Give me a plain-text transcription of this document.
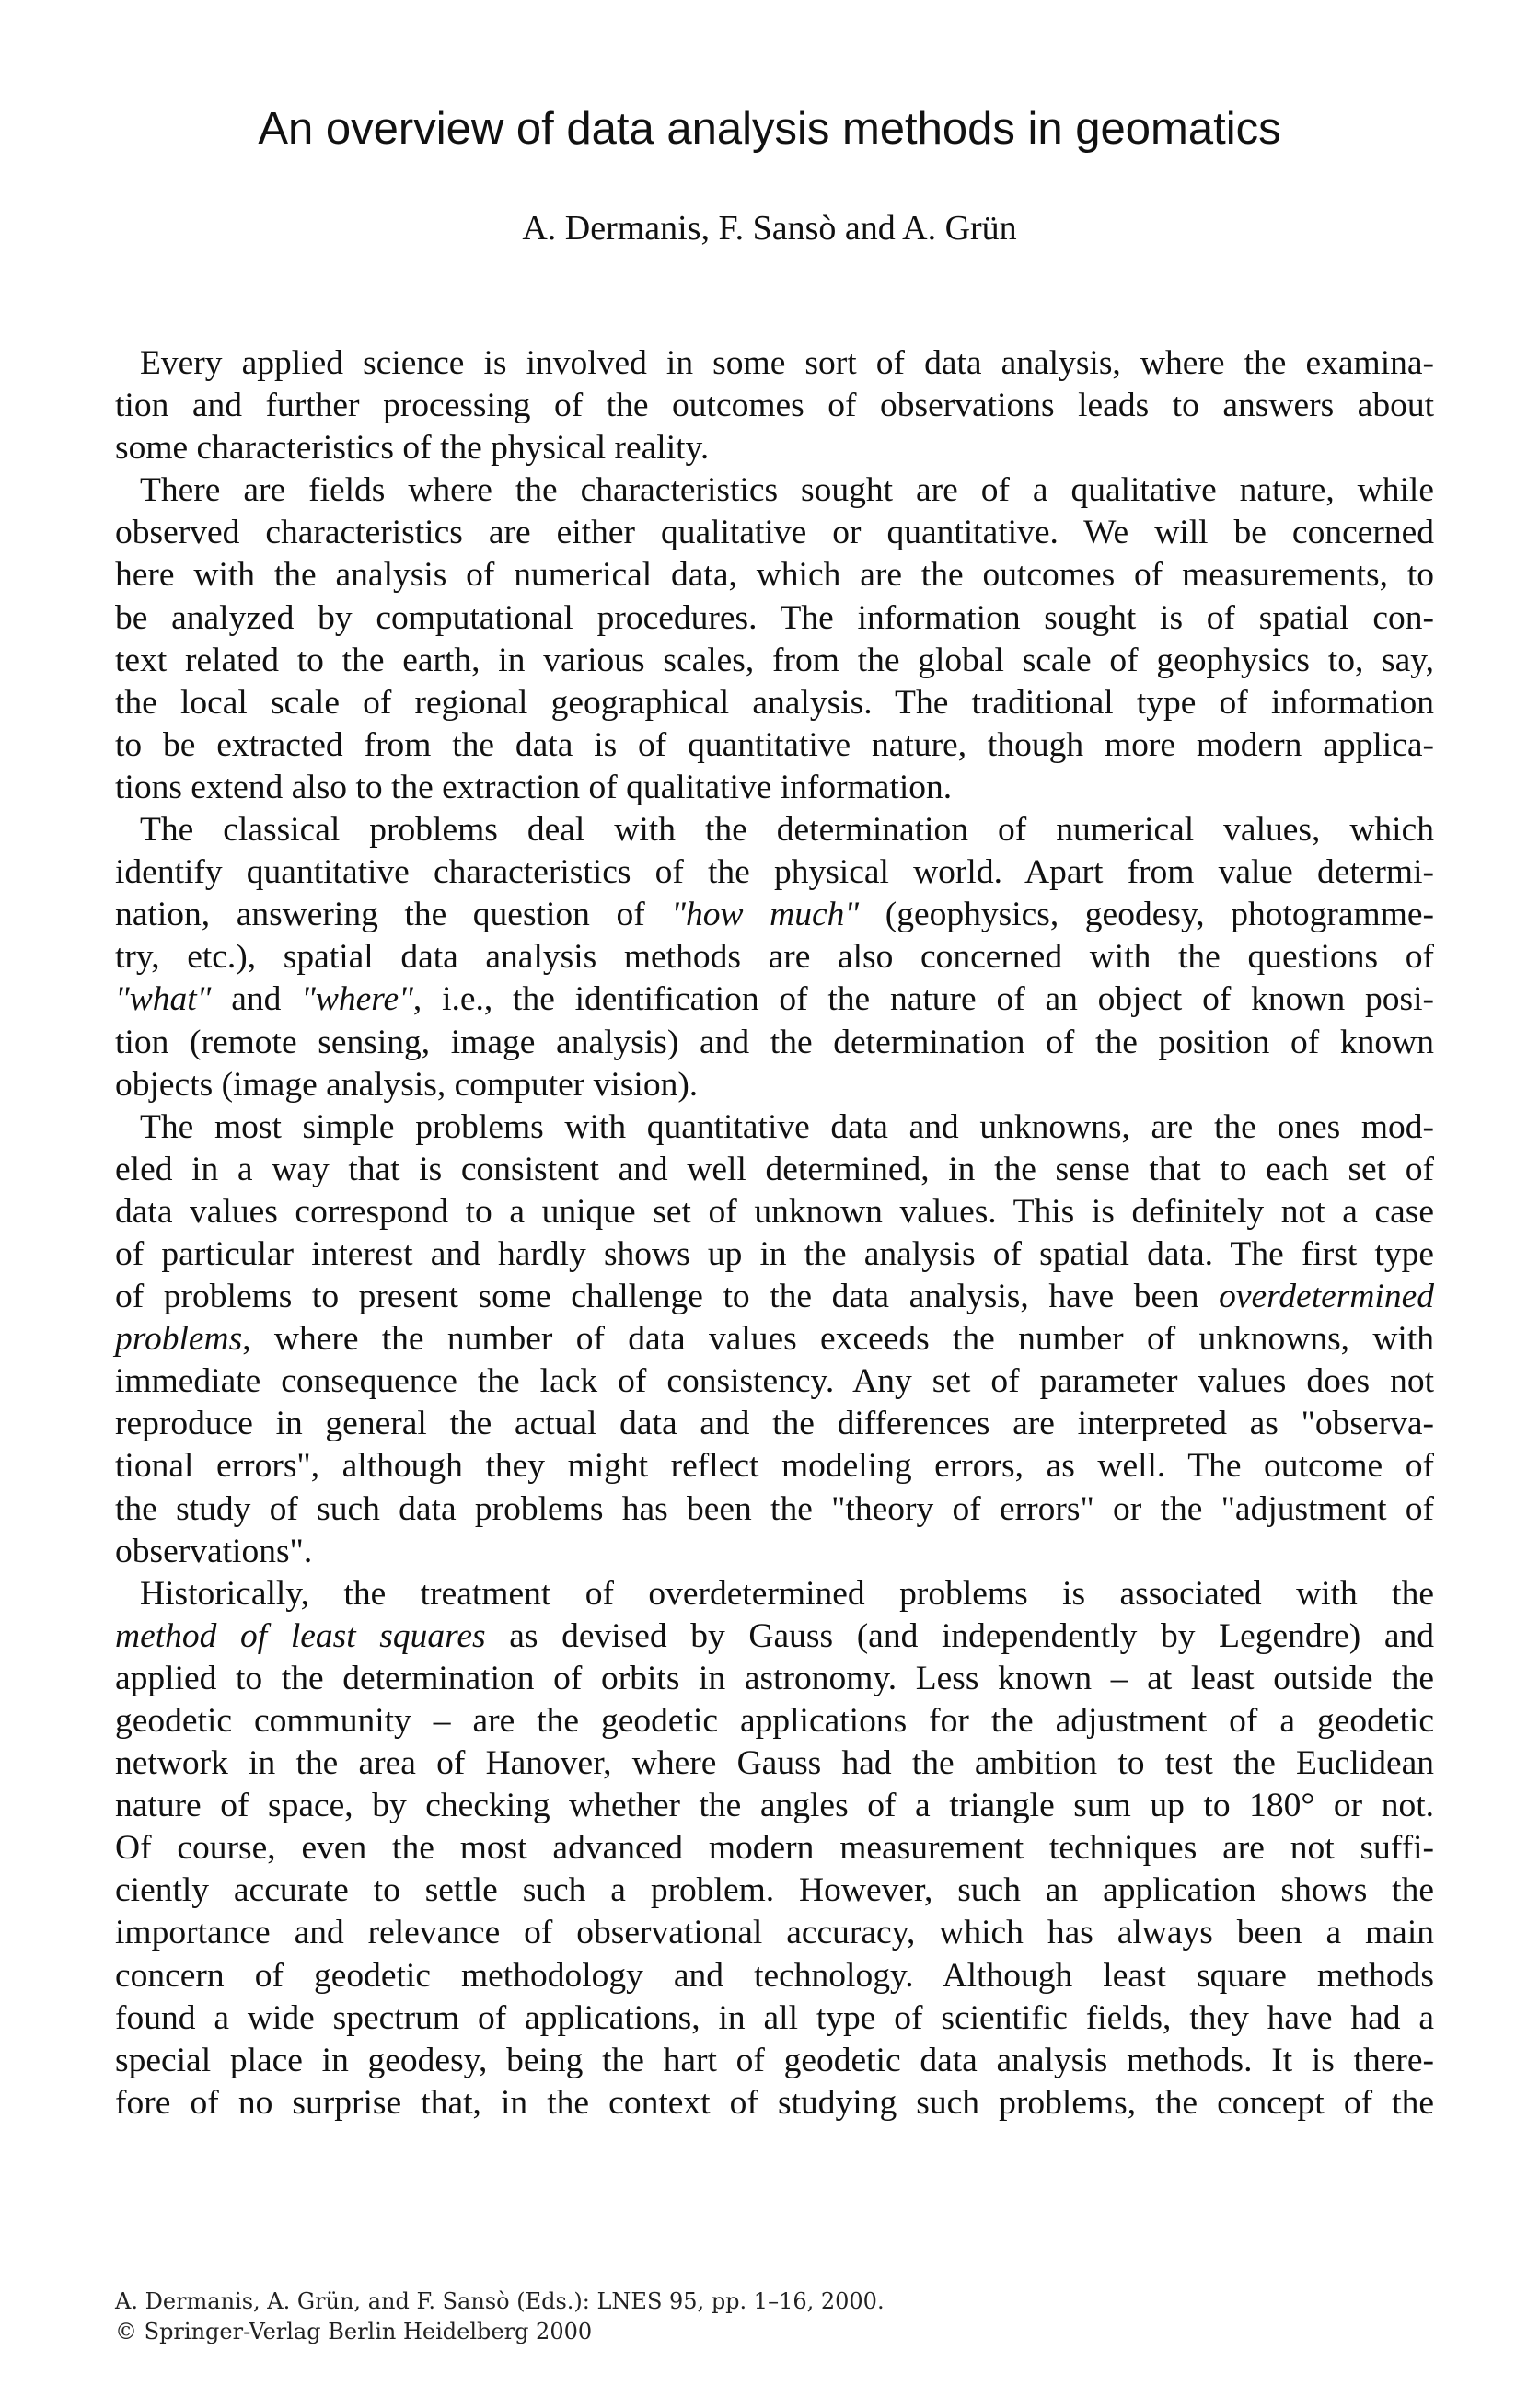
An overview of data analysis methods in geomatics
A. Dermanis, F. Sansò and A. Grün
Every applied science is involved in some sort of data analysis, where the examina-
tion and further processing of the outcomes of observations leads to answers about
some characteristics of the physical reality.
There are fields where the characteristics sought are of a qualitative nature, while
observed characteristics are either qualitative or quantitative. We will be concerned
here with the analysis of numerical data, which are the outcomes of measurements, to
be analyzed by computational procedures. The information sought is of spatial con-
text related to the earth, in various scales, from the global scale of geophysics to, say,
the local scale of regional geographical analysis. The traditional type of information
to be extracted from the data is of quantitative nature, though more modern applica-
tions extend also to the extraction of qualitative information.
The classical problems deal with the determination of numerical values, which
identify quantitative characteristics of the physical world. Apart from value determi-
nation, answering the question of "how much" (geophysics, geodesy, photogramme-
try, etc.), spatial data analysis methods are also concerned with the questions of
"what" and "where", i.e., the identification of the nature of an object of known posi-
tion (remote sensing, image analysis) and the determination of the position of known
objects (image analysis, computer vision).
The most simple problems with quantitative data and unknowns, are the ones mod-
eled in a way that is consistent and well determined, in the sense that to each set of
data values correspond to a unique set of unknown values. This is definitely not a case
of particular interest and hardly shows up in the analysis of spatial data. The first type
of problems to present some challenge to the data analysis, have been overdetermined
problems, where the number of data values exceeds the number of unknowns, with
immediate consequence the lack of consistency. Any set of parameter values does not
reproduce in general the actual data and the differences are interpreted as "observa-
tional errors", although they might reflect modeling errors, as well. The outcome of
the study of such data problems has been the "theory of errors" or the "adjustment of
observations".
Historically, the treatment of overdetermined problems is associated with the
method of least squares as devised by Gauss (and independently by Legendre) and
applied to the determination of orbits in astronomy. Less known – at least outside the
geodetic community – are the geodetic applications for the adjustment of a geodetic
network in the area of Hanover, where Gauss had the ambition to test the Euclidean
nature of space, by checking whether the angles of a triangle sum up to 180° or not.
Of course, even the most advanced modern measurement techniques are not suffi-
ciently accurate to settle such a problem. However, such an application shows the
importance and relevance of observational accuracy, which has always been a main
concern of geodetic methodology and technology. Although least square methods
found a wide spectrum of applications, in all type of scientific fields, they have had a
special place in geodesy, being the hart of geodetic data analysis methods. It is there-
fore of no surprise that, in the context of studying such problems, the concept of the
A. Dermanis, A. Grün, and F. Sansò (Eds.): LNES 95, pp. 1–16, 2000.
© Springer-Verlag Berlin Heidelberg 2000
